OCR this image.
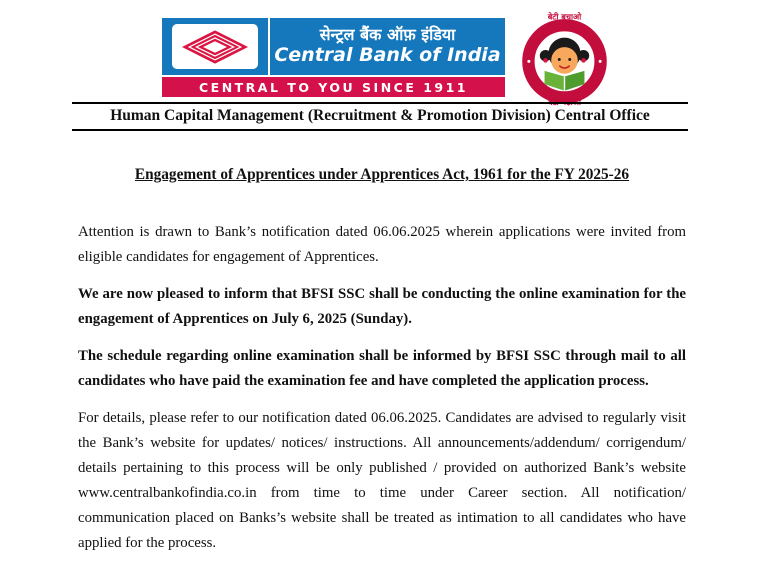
सेन्ट्रल बैंक ऑफ़ इंडिया
Central Bank of India
CENTRAL TO YOU SINCE 1911
बेटी बचाओ
बेटी पढ़ाओ
Human Capital Management (Recruitment & Promotion Division) Central Office
Engagement of Apprentices under Apprentices Act, 1961 for the FY 2025-26

Attention is drawn to Bank’s notification dated 06.06.2025 wherein applications were invited from eligible candidates for engagement of Apprentices.

We are now pleased to inform that BFSI SSC shall be conducting the online examination for the engagement of Apprentices on July 6, 2025 (Sunday).

The schedule regarding online examination shall be informed by BFSI SSC through mail to all candidates who have paid the examination fee and have completed the application process.

For details, please refer to our notification dated 06.06.2025. Candidates are advised to regularly visit the Bank’s website for updates/ notices/ instructions. All announcements/addendum/ corrigendum/ details pertaining to this process will be only published / provided on authorized Bank’s website www.centralbankofindia.co.in from time to time under Career section. All notification/ communication placed on Banks’s website shall be treated as intimation to all candidates who have applied for the process.
